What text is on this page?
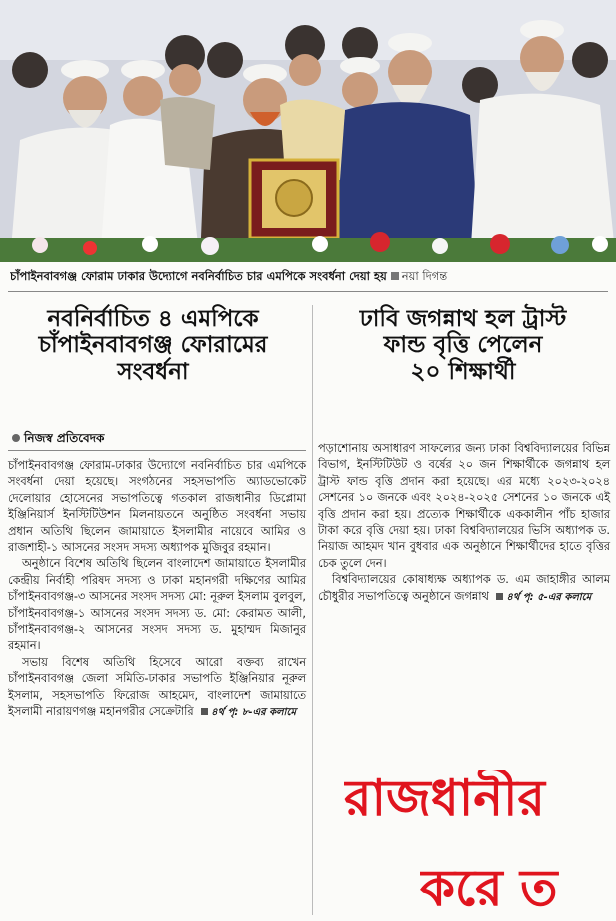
চাঁপাইনবাবগঞ্জ ফোরাম ঢাকার উদ্যোগে নবনির্বাচিত চার এমপিকে সংবর্ধনা দেয়া হয় নয়া দিগন্ত
নবনির্বাচিত ৪ এমপিকে
চাঁপাইনবাবগঞ্জ ফোরামের
সংবর্ধনা
নিজস্ব প্রতিবেদক

চাঁপাইনবাবগঞ্জ ফোরাম-ঢাকার উদ্যোগে নবনির্বাচিত চার এমপিকে সংবর্ধনা দেয়া হয়েছে। সংগঠনের সহসভাপতি অ্যাডভোকেট দেলোয়ার হোসেনের সভাপতিত্বে গতকাল রাজধানীর ডিপ্লোমা ইঞ্জিনিয়ার্স ইনস্টিটিউশন মিলনায়তনে অনুষ্ঠিত সংবর্ধনা সভায় প্রধান অতিথি ছিলেন জামায়াতে ইসলামীর নায়েবে আমির ও রাজশাহী-১ আসনের সংসদ সদস্য অধ্যাপক মুজিবুর রহমান।

অনুষ্ঠানে বিশেষ অতিথি ছিলেন বাংলাদেশ জামায়াতে ইসলামীর কেন্দ্রীয় নির্বাহী পরিষদ সদস্য ও ঢাকা মহানগরী দক্ষিণের আমির চাঁপাইনবাবগঞ্জ-৩ আসনের সংসদ সদস্য মো: নূরুল ইসলাম বুলবুল, চাঁপাইনবাবগঞ্জ-১ আসনের সংসদ সদস্য ড. মো: কেরামত আলী, চাঁপাইনবাবগঞ্জ-২ আসনের সংসদ সদস্য ড. মুহাম্মদ মিজানুর রহমান।

সভায় বিশেষ অতিথি হিসেবে আরো বক্তব্য রাখেন চাঁপাইনবাবগঞ্জ জেলা সমিতি-ঢাকার সভাপতি ইঞ্জিনিয়ার নূরুল ইসলাম, সহসভাপতি ফিরোজ আহমেদ, বাংলাদেশ জামায়াতে ইসলামী নারায়ণগঞ্জ মহানগরীর সেক্রেটারি ৪র্থ পৃ: ৮-এর কলামে

ঢাবি জগন্নাথ হল ট্রাস্ট
ফান্ড বৃত্তি পেলেন
২০ শিক্ষার্থী

পড়াশোনায় অসাধারণ সাফল্যের জন্য ঢাকা বিশ্ববিদ্যালয়ের বিভিন্ন বিভাগ, ইনস্টিটিউট ও বর্ষের ২০ জন শিক্ষার্থীকে জগন্নাথ হল ট্রাস্ট ফান্ড বৃত্তি প্রদান করা হয়েছে। এর মধ্যে ২০২৩-২০২৪ সেশনের ১০ জনকে এবং ২০২৪-২০২৫ সেশনের ১০ জনকে এই বৃত্তি প্রদান করা হয়। প্রত্যেক শিক্ষার্থীকে এককালীন পাঁচ হাজার টাকা করে বৃত্তি দেয়া হয়। ঢাকা বিশ্ববিদ্যালয়ের ভিসি অধ্যাপক ড. নিয়াজ আহমদ খান বুধবার এক অনুষ্ঠানে শিক্ষার্থীদের হাতে বৃত্তির চেক তুলে দেন।

বিশ্ববিদ্যালয়ের কোষাধ্যক্ষ অধ্যাপক ড. এম জাহাঙ্গীর আলম চৌধুরীর সভাপতিত্বে অনুষ্ঠানে জগন্নাথ ৪র্থ পৃ: ৫-এর কলামে

রাজধানীর
করে ত
